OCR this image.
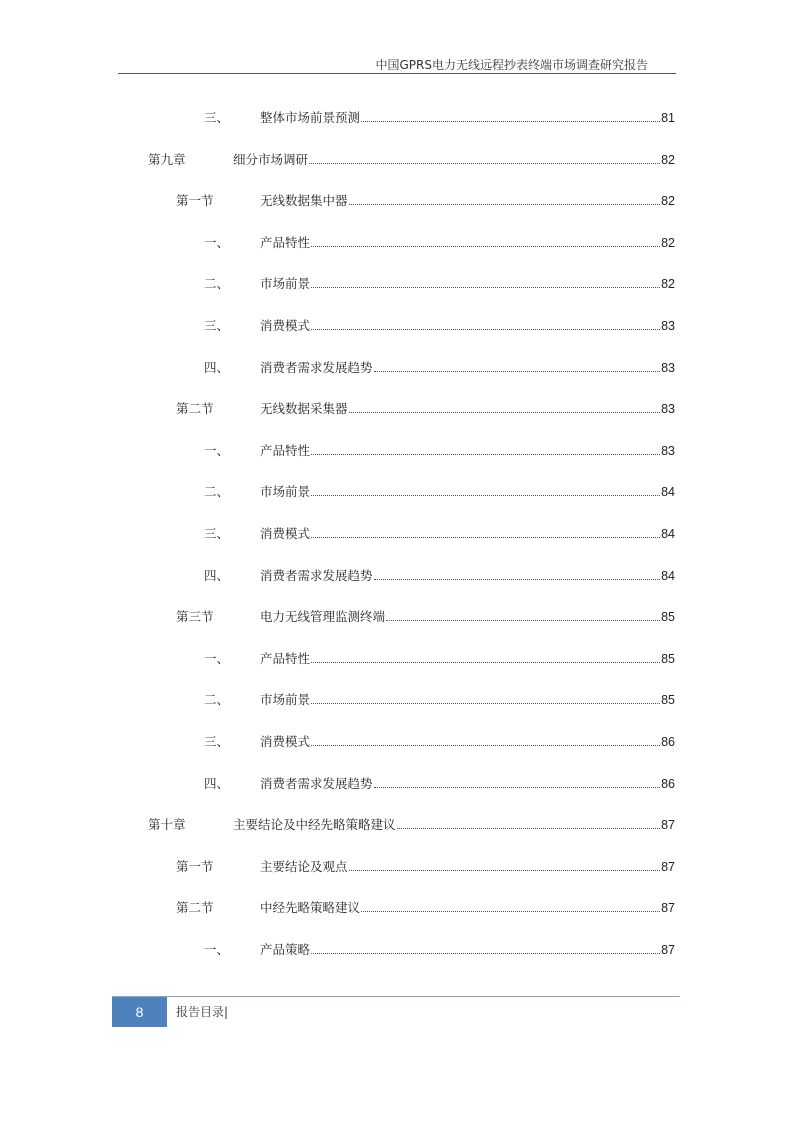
中国GPRS电力无线远程抄表终端市场调查研究报告
三、 整体市场前景预测	81
第九章	细分市场调研	82
第一节	无线数据集中器	82
一、 产品特性	82
二、 市场前景	82
三、 消费模式	83
四、 消费者需求发展趋势	83
第二节	无线数据采集器	83
一、 产品特性	83
二、 市场前景	84
三、 消费模式	84
四、 消费者需求发展趋势	84
第三节	电力无线管理监测终端	85
一、 产品特性	85
二、 市场前景	85
三、 消费模式	86
四、 消费者需求发展趋势	86
第十章	主要结论及中经先略策略建议	87
第一节	主要结论及观点	87
第二节	中经先略策略建议	87
一、 产品策略	87
8	报告目录|
